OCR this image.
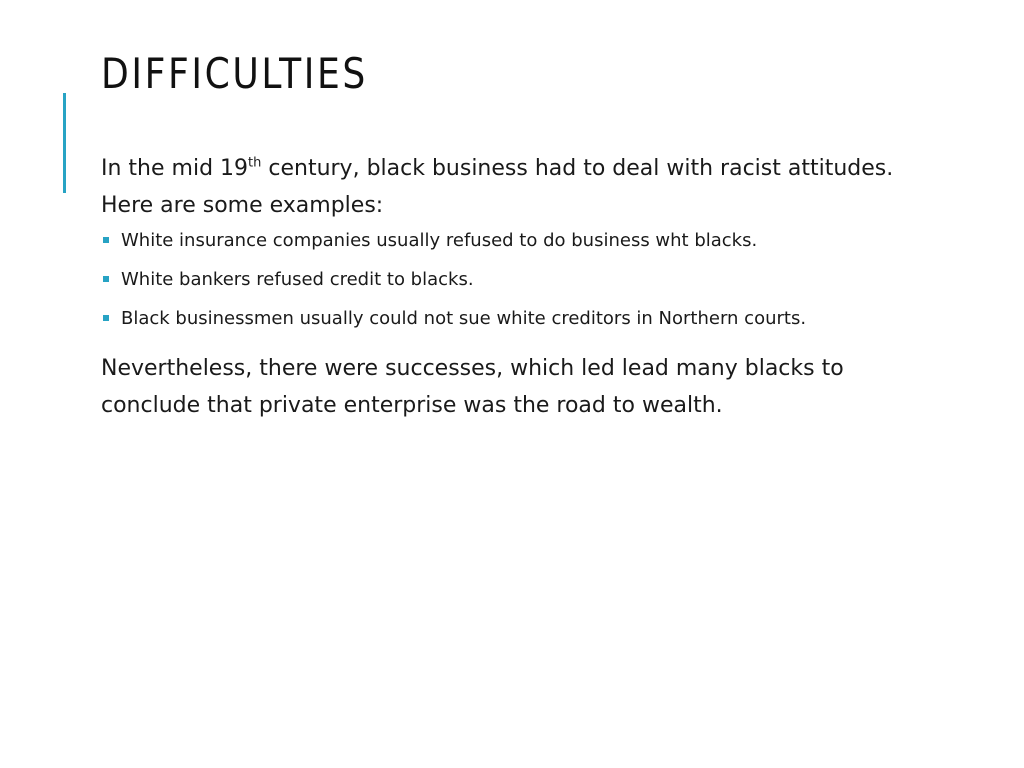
DIFFICULTIES

In the mid 19th century, black business had to deal with racist attitudes. Here are some examples:

White insurance companies usually refused to do business wht blacks.
White bankers refused credit to blacks.
Black businessmen usually could not sue white creditors in Northern courts.

Nevertheless, there were successes, which led lead many blacks to conclude that private enterprise was the road to wealth.
